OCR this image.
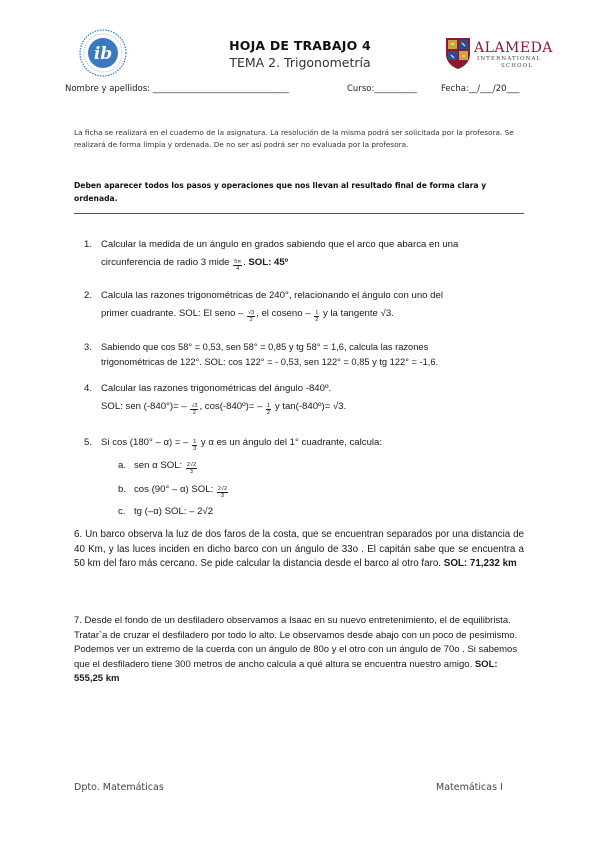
ib	HOJA DE TRABAJO 4
TEMA 2. Trigonometría
ALAMEDA
INTERNATIONAL
SCHOOL
Nombre y apellidos: ________________________________	Curso:__________	Fecha:__/___/20___
La ficha se realizará en el cuaderno de la asignatura. La resolución de la misma podrá ser solicitada por la profesora. Se realizará de forma limpia y ordenada. De no ser así podrá ser no evaluada por la profesora.
Deben aparecer todos los pasos y operaciones que nos llevan al resultado final de forma clara y ordenada.
1. Calcular la medida de un ángulo en grados sabiendo que el arco que abarca en una
circunferencia de radio 3 mide $\frac{5\pi}{4}$ . SOL: 45º
2. Calcula las razones trigonométricas de 240°, relacionando el ángulo con uno del
primer cuadrante. SOL: El seno – $\frac{√3}{2}$ , el coseno – $\frac{1}{2}$ y la tangente √3.
3. Sabiendo que cos 58° = 0,53, sen 58° = 0,85 y tg 58° = 1,6, calcula las razones
trigonométricas de 122°. SOL: cos 122° = - 0,53, sen 122° = 0,85 y tg 122° = -1,6.
4. Calcular las razones trigonométricas del ángulo -840º.
SOL: sen $(-840^\circ)= - \frac{√3}{2}$ , cos(-840º)= – $\frac{1}{2}$ y tan(-840º)= √3.
5. Si cos (180° – α) = – $\frac{1}{3}$ y α es un ángulo del 1° cuadrante, calcula:
a. sen α SOL: $\frac{2√2}{3}$
b. cos (90° – α) SOL: $\frac{2√2}{3}$
c. tg (–α) SOL: – 2√2
6. Un barco observa la luz de dos faros de la costa, que se encuentran separados por una distancia de 40 Km, y las luces inciden en dicho barco con un ángulo de 33o . El capitán sabe que se encuentra a 50 km del faro más cercano. Se pide calcular la distancia desde el barco al otro faro. SOL: 71,232 km
7. Desde el fondo de un desfiladero observamos a Isaac en su nuevo entretenimiento, el de equilibrista. Tratar`a de cruzar el desfiladero por todo lo alto. Le observamos desde abajo con un poco de pesimismo. Podemos ver un extremo de la cuerda con un ángulo de 80o y el otro con un ángulo de 70o . Si sabemos que el desfiladero tiene 300 metros de ancho calcula a qué altura se encuentra nuestro amigo. SOL: 555,25 km
Dpto. Matemáticas	Matemáticas I
